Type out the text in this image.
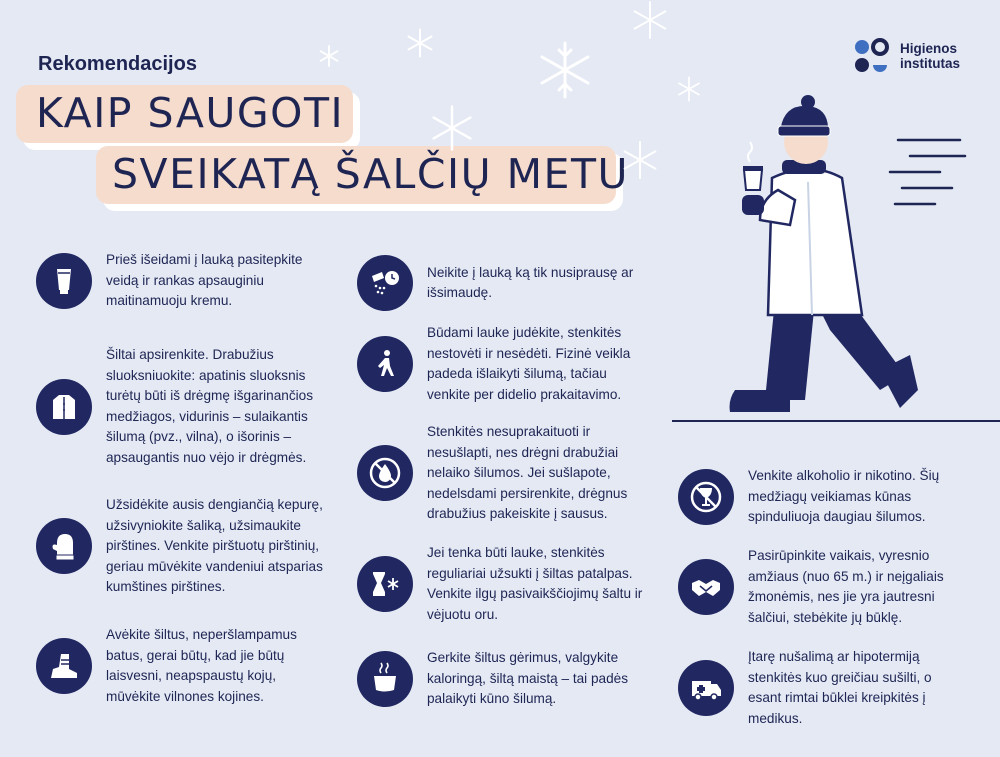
Rekomendacijos
KAIP SAUGOTI
SVEIKATĄ ŠALČIŲ METU
Higienos
institutas
Prieš išeidami į lauką pasitepkite veidą ir rankas apsauginiu maitinamuoju kremu.
Šiltai apsirenkite. Drabužius sluoksniuokite: apatinis sluoksnis turėtų būti iš drėgmę išgarinančios medžiagos, vidurinis – sulaikantis šilumą (pvz., vilna), o išorinis – apsaugantis nuo vėjo ir drėgmės.
Užsidėkite ausis dengiančią kepurę, užsivyniokite šaliką, užsimaukite pirštines. Venkite pirštuotų pirštinių, geriau mūvėkite vandeniui atsparias kumštines pirštines.
Avėkite šiltus, neperšlampamus batus, gerai būtų, kad jie būtų laisvesni, neapspaustų kojų, mūvėkite vilnones kojines.
Neikite į lauką ką tik nusiprausę ar išsimaudę.
Būdami lauke judėkite, stenkitės nestovėti ir nesėdėti. Fizinė veikla padeda išlaikyti šilumą, tačiau venkite per didelio prakaitavimo.
Stenkitės nesuprakaituoti ir nesušlapti, nes drėgni drabužiai nelaiko šilumos. Jei sušlapote, nedelsdami persirenkite, drėgnus drabužius pakeiskite į sausus.
Jei tenka būti lauke, stenkitės reguliariai užsukti į šiltas patalpas. Venkite ilgų pasivaikščiojimų šaltu ir vėjuotu oru.
Gerkite šiltus gėrimus, valgykite kaloringą, šiltą maistą – tai padės palaikyti kūno šilumą.
Venkite alkoholio ir nikotino. Šių medžiagų veikiamas kūnas spinduliuoja daugiau šilumos.
Pasirūpinkite vaikais, vyresnio amžiaus (nuo 65 m.) ir neįgaliais žmonėmis, nes jie yra jautresni šalčiui, stebėkite jų būklę.
Įtarę nušalimą ar hipotermiją stenkitės kuo greičiau sušilti, o esant rimtai būklei kreipkitės į medikus.
